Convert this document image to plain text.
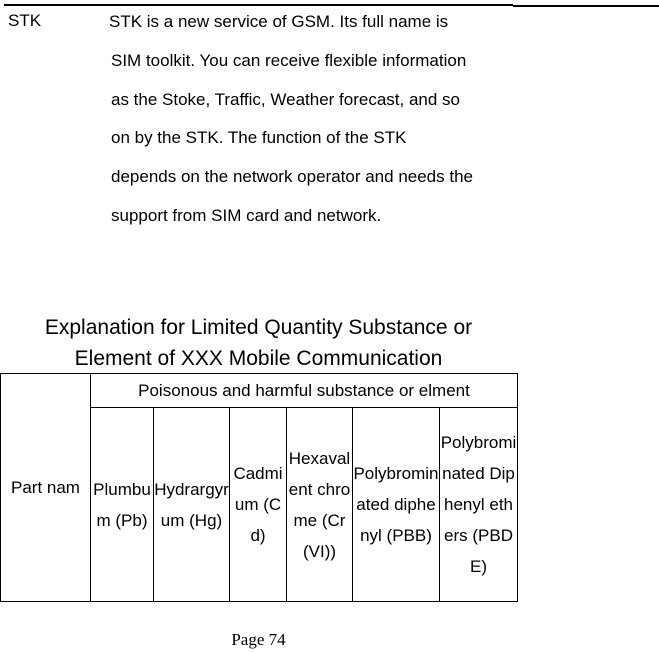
STK	STK is a new service of GSM. Its full name is
SIM toolkit. You can receive flexible information
as the Stoke, Traffic, Weather forecast, and so
on by the STK. The function of the STK
depends on the network operator and needs the
support from SIM card and network.
Explanation for Limited Quantity Substance or
Element of XXX Mobile Communication
Part nam	Poisonous and harmful substance or elment					
	Plumbum (Pb)	Hydrargyrum (Hg)	Cadmium (Cd)	Hexavalent chrome (Cr(VI))	Polybrominated diphenyl (PBB)	Polybrominated Diphenyl ethers (PBDE)
Page 74
